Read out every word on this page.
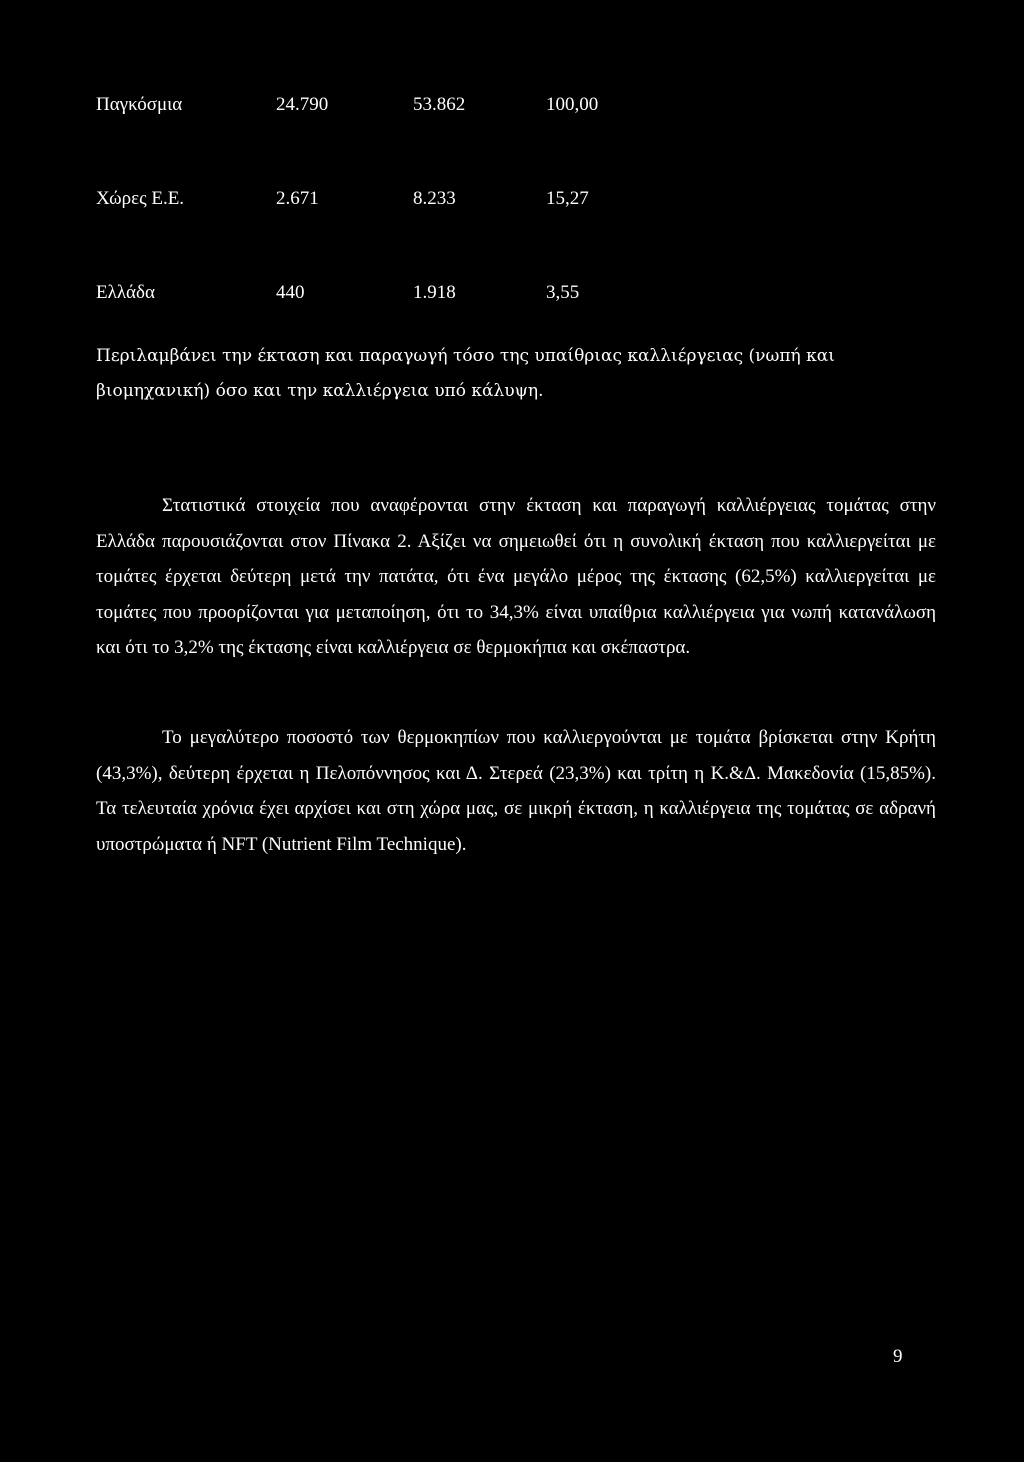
Παγκόσμια	24.790	53.862	100,00
Χώρες Ε.Ε.	2.671	8.233	15,27
Ελλάδα	440	1.918	3,55

Περιλαμβάνει την έκταση και παραγωγή τόσο της υπαίθριας καλλιέργειας (νωπή και βιομηχανική) όσο και την καλλιέργεια υπό κάλυψη.

Στατιστικά στοιχεία που αναφέρονται στην έκταση και παραγωγή καλλιέργειας τομάτας στην Ελλάδα παρουσιάζονται στον Πίνακα 2. Αξίζει να σημειωθεί ότι η συνολική έκταση που καλλιεργείται με τομάτες έρχεται δεύτερη μετά την πατάτα, ότι ένα μεγάλο μέρος της έκτασης (62,5%) καλλιεργείται με τομάτες που προορίζονται για μεταποίηση, ότι το 34,3% είναι υπαίθρια καλλιέργεια για νωπή κατανάλωση και ότι το 3,2% της έκτασης είναι καλλιέργεια σε θερμοκήπια και σκέπαστρα.

Το μεγαλύτερο ποσοστό των θερμοκηπίων που καλλιεργούνται με τομάτα βρίσκεται στην Κρήτη (43,3%), δεύτερη έρχεται η Πελοπόννησος και Δ. Στερεά (23,3%) και τρίτη η Κ.&Δ. Μακεδονία (15,85%). Τα τελευταία χρόνια έχει αρχίσει και στη χώρα μας, σε μικρή έκταση, η καλλιέργεια της τομάτας σε αδρανή υποστρώματα ή NFT (Nutrient Film Technique).

9
